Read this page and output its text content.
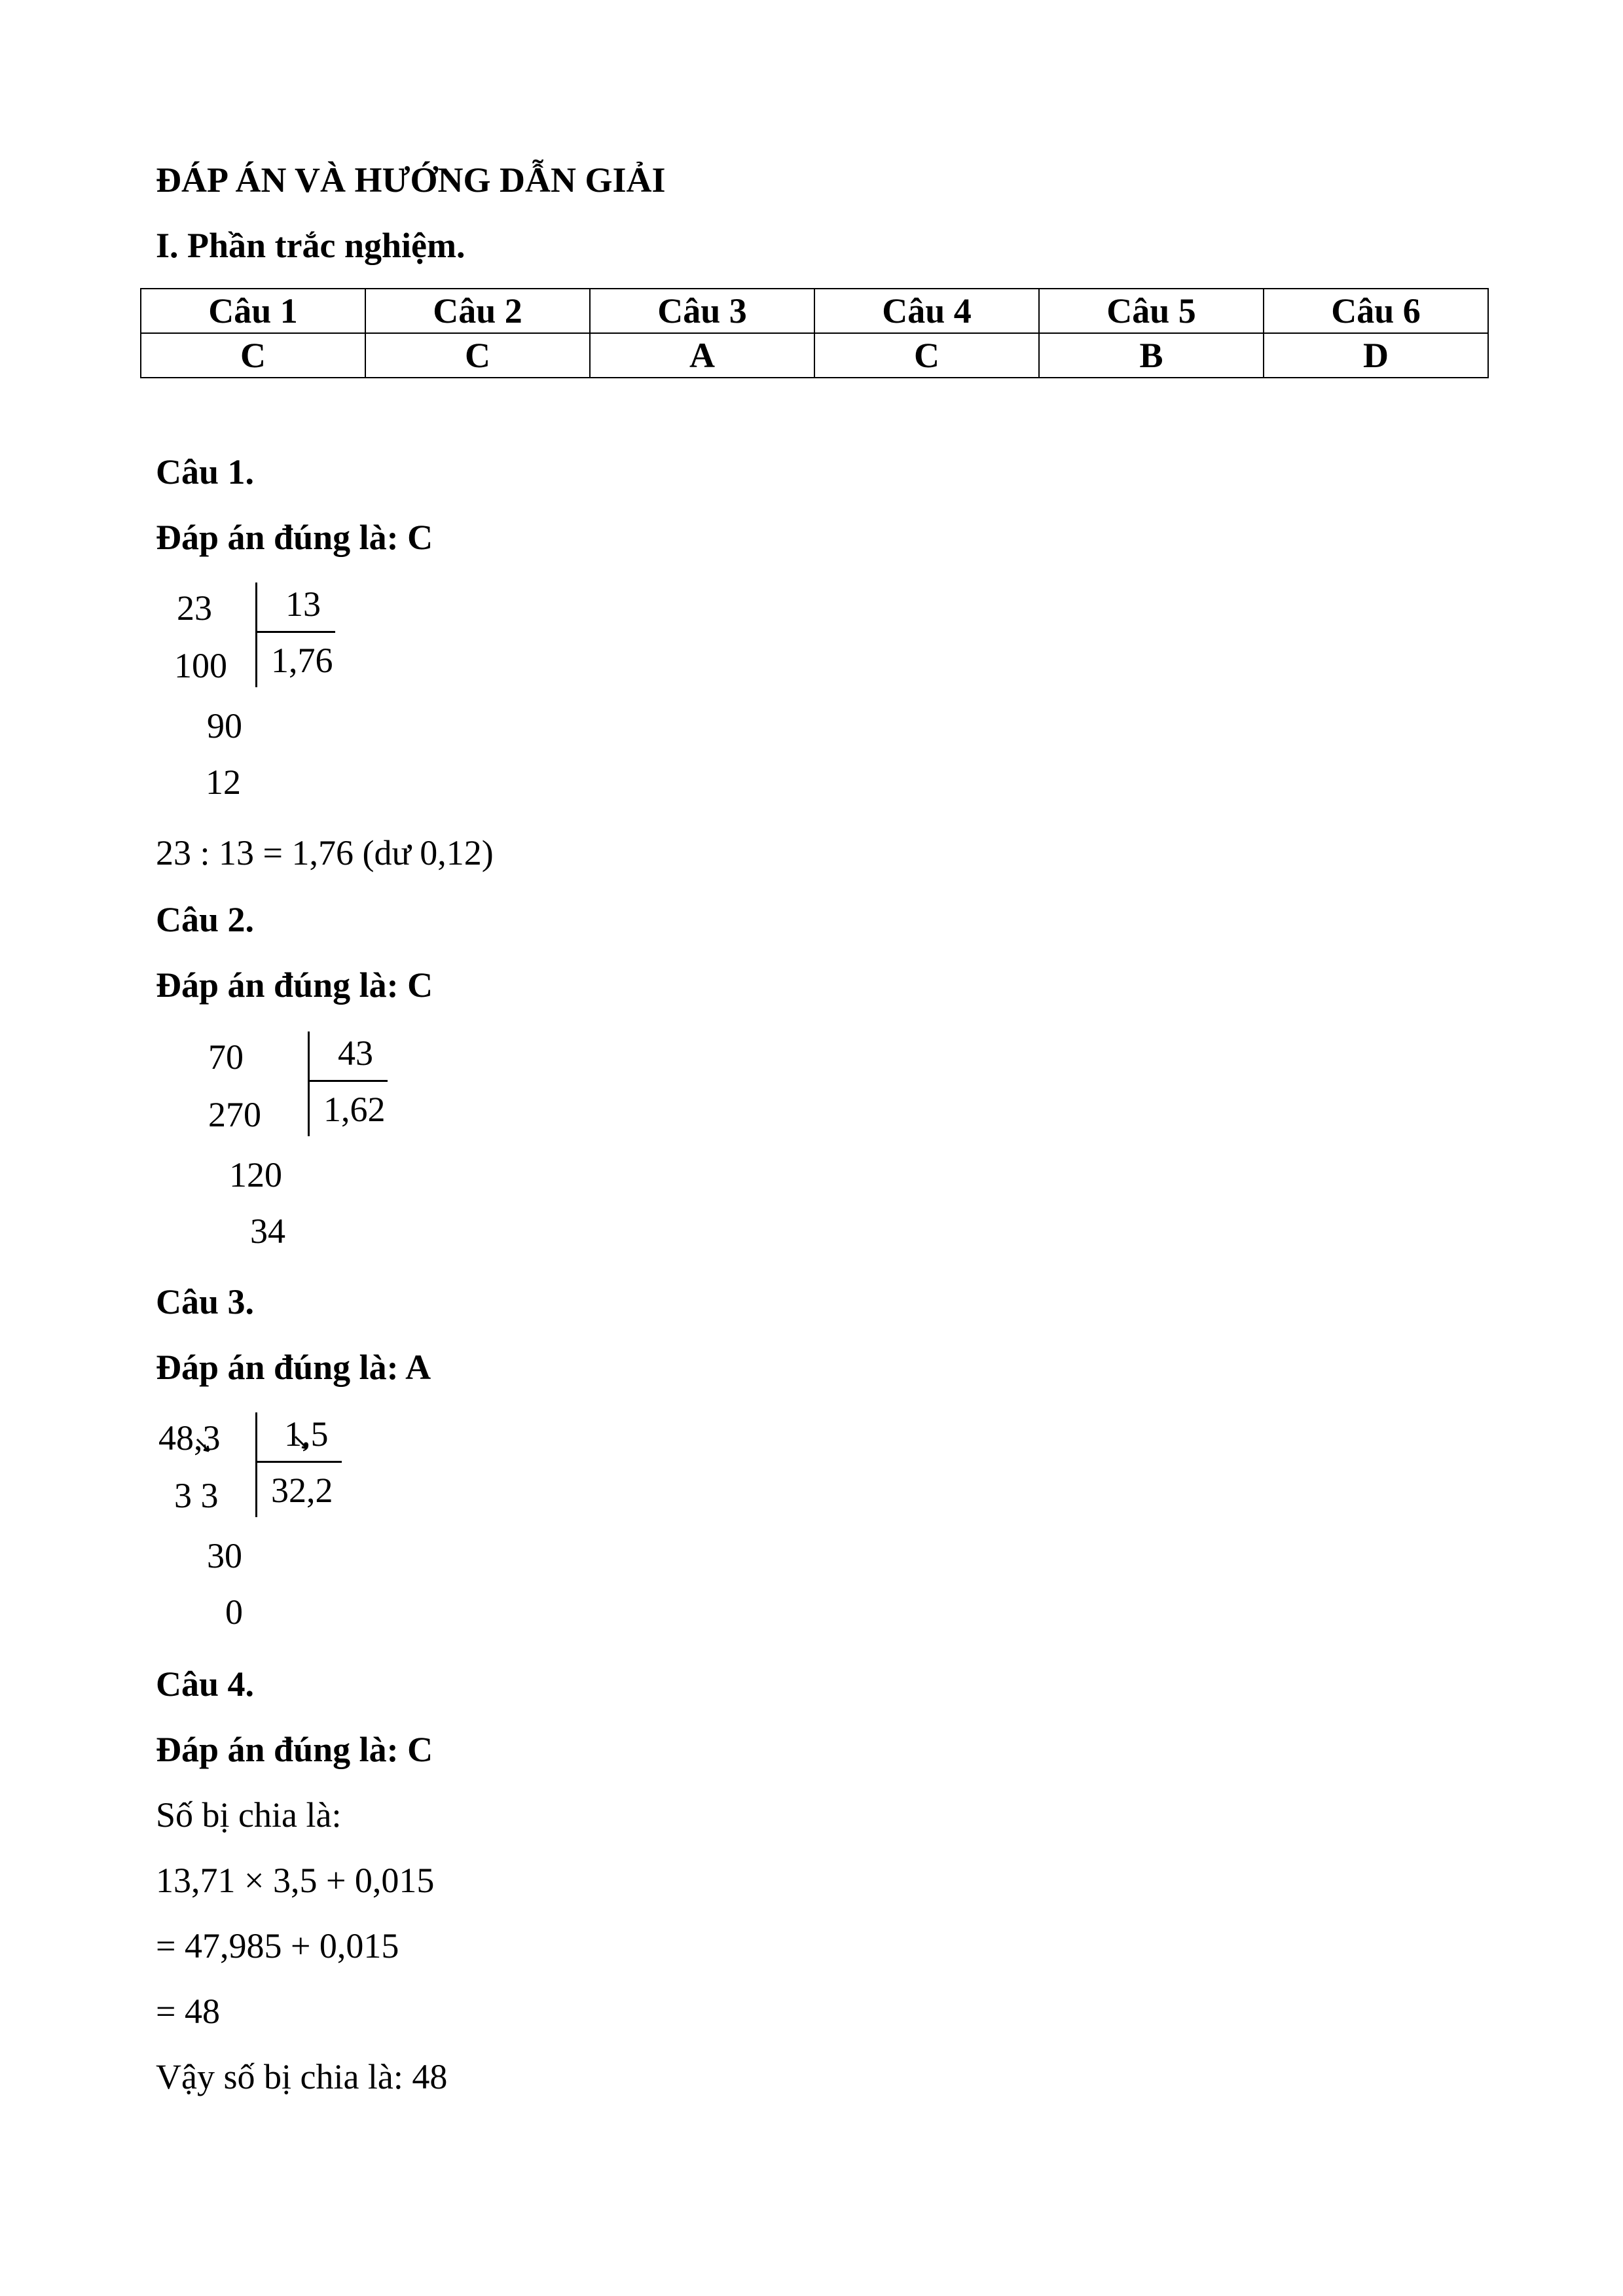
ĐÁP ÁN VÀ HƯỚNG DẪN GIẢI
I. Phần trắc nghiệm.
Câu 1	Câu 2	Câu 3	Câu 4	Câu 5	Câu 6
C	C	A	C	B	D
Câu 1.
Đáp án đúng là: C
23 13
1,76
100
90
12
23 : 13 = 1,76 (dư 0,12)
Câu 2.
Đáp án đúng là: C
70	43
1,62
270
120
34
Câu 3.
Đáp án đúng là: A
48,3 1,5
32,2
3 3
30
0
Câu 4.
Đáp án đúng là: C
Số bị chia là:
13,71 × 3,5 + 0,015
= 47,985 + 0,015
= 48
Vậy số bị chia là: 48
